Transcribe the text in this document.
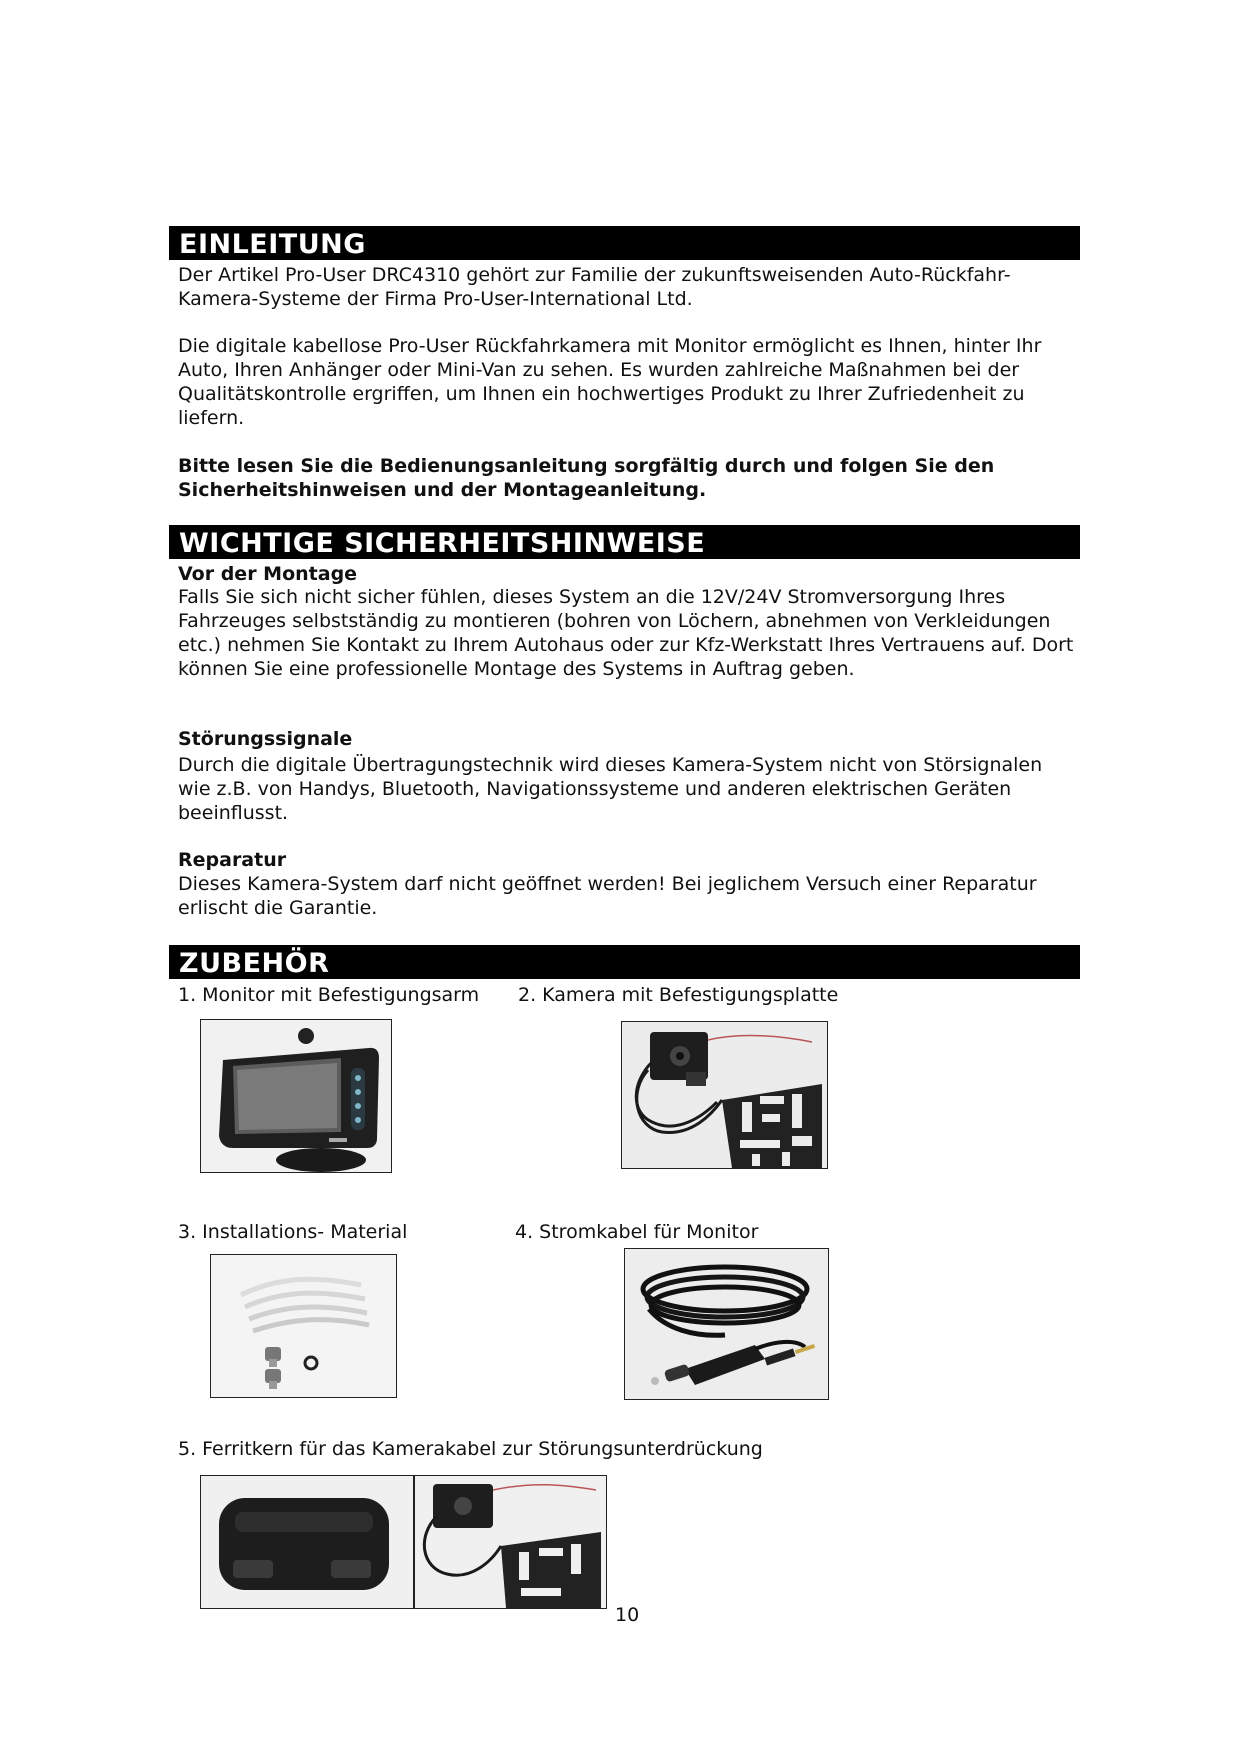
EINLEITUNG

Der Artikel Pro-User DRC4310 gehört zur Familie der zukunftsweisenden Auto-Rückfahr-Kamera-Systeme der Firma Pro-User-International Ltd.

Die digitale kabellose Pro-User Rückfahrkamera mit Monitor ermöglicht es Ihnen, hinter Ihr Auto, Ihren Anhänger oder Mini-Van zu sehen. Es wurden zahlreiche Maßnahmen bei der Qualitätskontrolle ergriffen, um Ihnen ein hochwertiges Produkt zu Ihrer Zufriedenheit zu liefern.

Bitte lesen Sie die Bedienungsanleitung sorgfältig durch und folgen Sie den Sicherheitshinweisen und der Montageanleitung.

WICHTIGE SICHERHEITSHINWEISE

Vor der Montage

Falls Sie sich nicht sicher fühlen, dieses System an die 12V/24V Stromversorgung Ihres Fahrzeuges selbstständig zu montieren (bohren von Löchern, abnehmen von Verkleidungen etc.) nehmen Sie Kontakt zu Ihrem Autohaus oder zur Kfz-Werkstatt Ihres Vertrauens auf. Dort können Sie eine professionelle Montage des Systems in Auftrag geben.

Störungssignale

Durch die digitale Übertragungstechnik wird dieses Kamera-System nicht von Störsignalen wie z.B. von Handys, Bluetooth, Navigationssysteme und anderen elektrischen Geräten beeinflusst.

Reparatur

Dieses Kamera-System darf nicht geöffnet werden! Bei jeglichem Versuch einer Reparatur erlischt die Garantie.

ZUBEHÖR

1. Monitor mit Befestigungsarm 2. Kamera mit Befestigungsplatte

3. Installations- Material	4. Stromkabel für Monitor

5. Ferritkern für das Kamerakabel zur Störungsunterdrückung

10
